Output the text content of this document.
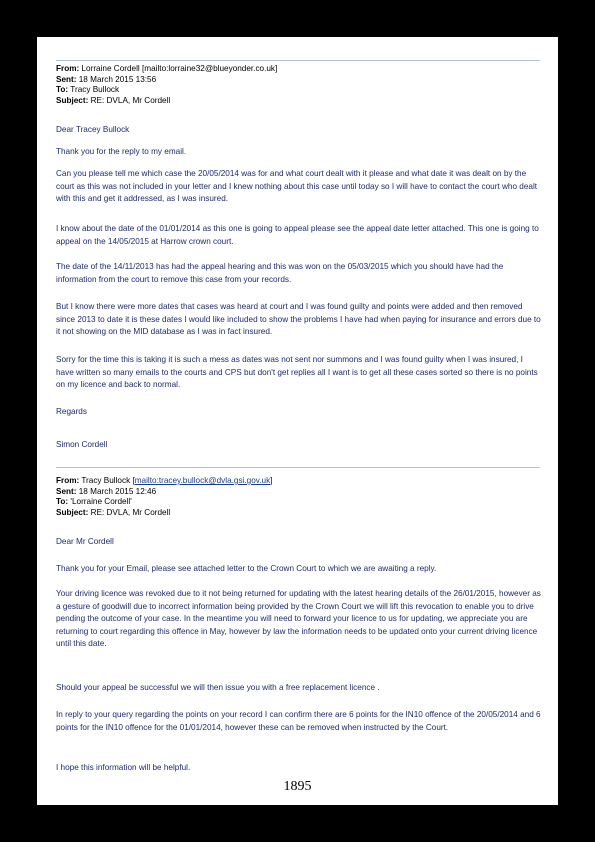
From: Lorraine Cordell [mailto:lorraine32@blueyonder.co.uk]
Sent: 18 March 2015 13:56
To: Tracy Bullock
Subject: RE: DVLA, Mr Cordell

Dear Tracey Bullock

Thank you for the reply to my email.

Can you please tell me which case the 20/05/2014 was for and what court dealt with it please and what date it was dealt on by the court as this was not included in your letter and I knew nothing about this case until today so I will have to contact the court who dealt with this and get it addressed, as I was insured.

I know about the date of the 01/01/2014 as this one is going to appeal please see the appeal date letter attached. This one is going to appeal on the 14/05/2015 at Harrow crown court.

The date of the 14/11/2013 has had the appeal hearing and this was won on the 05/03/2015 which you should have had the information from the court to remove this case from your records.

But I know there were more dates that cases was heard at court and I was found guilty and points were added and then removed since 2013 to date it is these dates I would like included to show the problems I have had when paying for insurance and errors due to it not showing on the MID database as I was in fact insured.

Sorry for the time this is taking it is such a mess as dates was not sent nor summons and I was found guilty when I was insured, I have written so many emails to the courts and CPS but don't get replies all I want is to get all these cases sorted so there is no points on my licence and back to normal.

Regards

Simon Cordell

From: Tracy Bullock [mailto:tracey.bullock@dvla.gsi.gov.uk]
Sent: 18 March 2015 12:46
To: 'Lorraine Cordell'
Subject: RE: DVLA, Mr Cordell

Dear Mr Cordell

Thank you for your Email, please see attached letter to the Crown Court to which we are awaiting a reply.

Your driving licence was revoked due to it not being returned for updating with the latest hearing details of the 26/01/2015, however as a gesture of goodwill due to incorrect information being provided by the Crown Court we will lift this revocation to enable you to drive pending the outcome of your case. In the meantime you will need to forward your licence to us for updating, we appreciate you are returning to court regarding this offence in May, however by law the information needs to be updated onto your current driving licence until this date.

Should your appeal be successful we will then issue you with a free replacement licence .

In reply to your query regarding the points on your record I can confirm there are 6 points for the IN10 offence of the 20/05/2014 and 6 points for the IN10 offence for the 01/01/2014, however these can be removed when instructed by the Court.

I hope this information will be helpful.

1895
